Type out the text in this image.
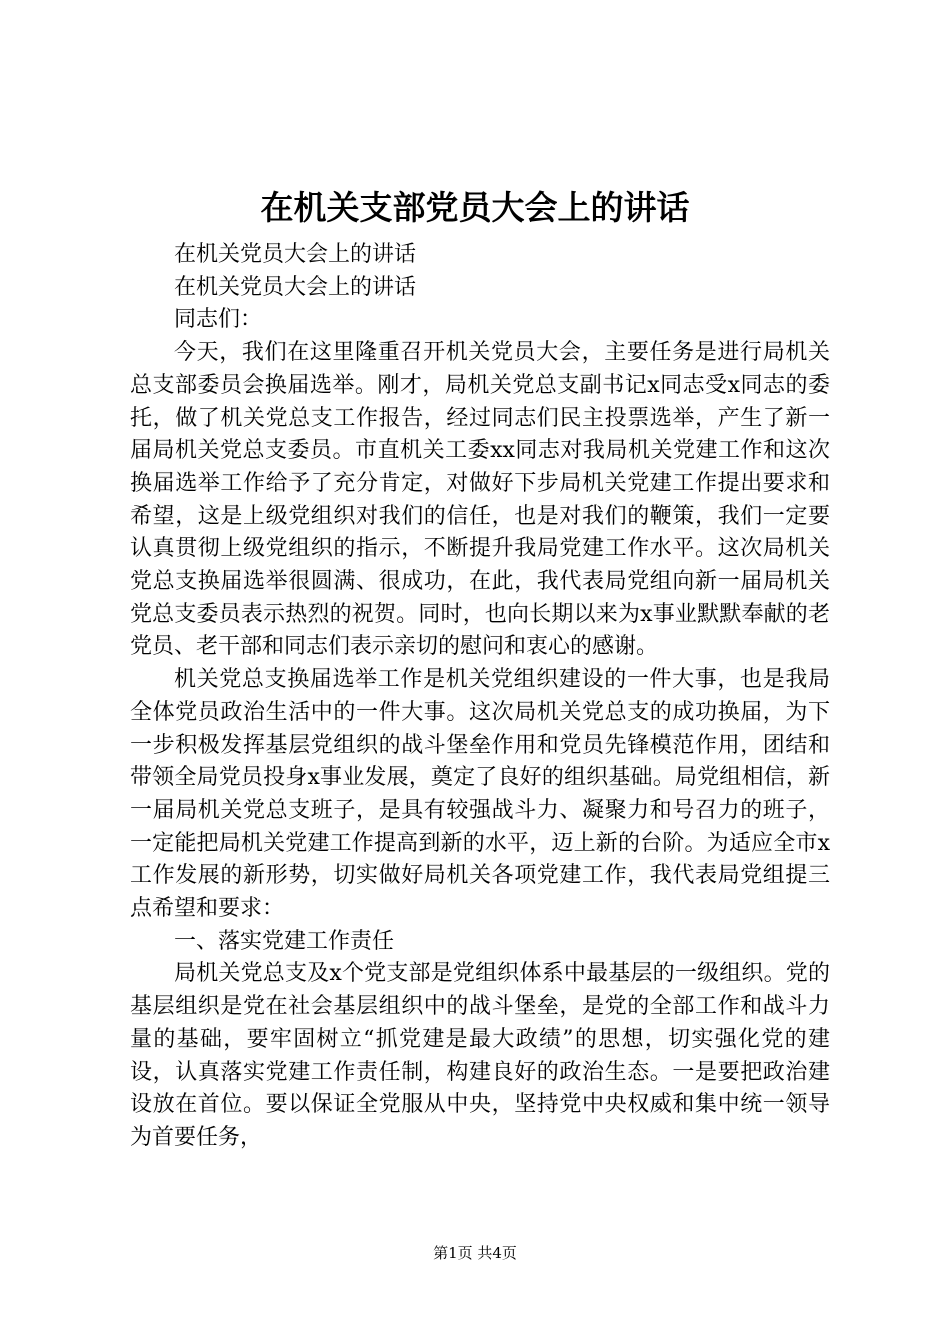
在机关支部党员大会上的讲话

在机关党员大会上的讲话

在机关党员大会上的讲话

同志们：

今天，我们在这里隆重召开机关党员大会，主要任务是进行局机关总支部委员会换届选举。刚才，局机关党总支副书记x同志受x同志的委托，做了机关党总支工作报告，经过同志们民主投票选举，产生了新一届局机关党总支委员。市直机关工委xx同志对我局机关党建工作和这次换届选举工作给予了充分肯定，对做好下步局机关党建工作提出要求和希望，这是上级党组织对我们的信任，也是对我们的鞭策，我们一定要认真贯彻上级党组织的指示，不断提升我局党建工作水平。这次局机关党总支换届选举很圆满、很成功，在此，我代表局党组向新一届局机关党总支委员表示热烈的祝贺。同时，也向长期以来为x事业默默奉献的老党员、老干部和同志们表示亲切的慰问和衷心的感谢。

机关党总支换届选举工作是机关党组织建设的一件大事，也是我局全体党员政治生活中的一件大事。这次局机关党总支的成功换届，为下一步积极发挥基层党组织的战斗堡垒作用和党员先锋模范作用，团结和带领全局党员投身x事业发展，奠定了良好的组织基础。局党组相信，新一届局机关党总支班子，是具有较强战斗力、凝聚力和号召力的班子，一定能把局机关党建工作提高到新的水平，迈上新的台阶。为适应全市x工作发展的新形势，切实做好局机关各项党建工作，我代表局党组提三点希望和要求：

一、落实党建工作责任

局机关党总支及x个党支部是党组织体系中最基层的一级组织。党的基层组织是党在社会基层组织中的战斗堡垒，是党的全部工作和战斗力量的基础，要牢固树立“抓党建是最大政绩”的思想，切实强化党的建设，认真落实党建工作责任制，构建良好的政治生态。一是要把政治建设放在首位。要以保证全党服从中央，坚持党中央权威和集中统一领导为首要任务，

第1页 共4页
